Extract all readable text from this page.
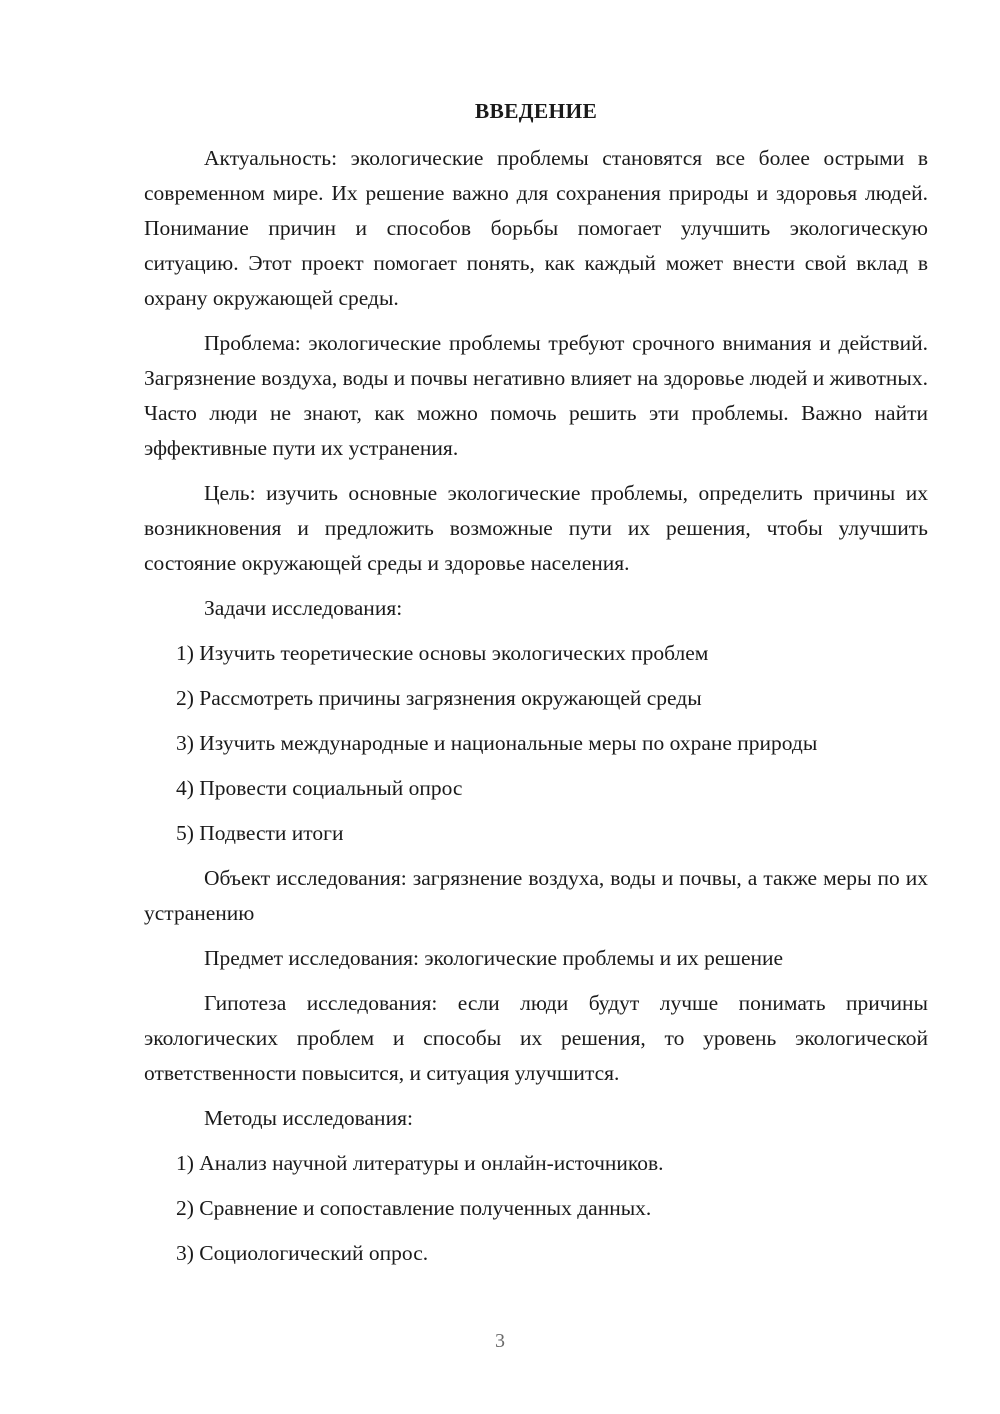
ВВЕДЕНИЕ

Актуальность: экологические проблемы становятся все более острыми в современном мире. Их решение важно для сохранения природы и здоровья людей. Понимание причин и способов борьбы помогает улучшить экологическую ситуацию. Этот проект помогает понять, как каждый может внести свой вклад в охрану окружающей среды.

Проблема: экологические проблемы требуют срочного внимания и действий. Загрязнение воздуха, воды и почвы негативно влияет на здоровье людей и животных. Часто люди не знают, как можно помочь решить эти проблемы. Важно найти эффективные пути их устранения.

Цель: изучить основные экологические проблемы, определить причины их возникновения и предложить возможные пути их решения, чтобы улучшить состояние окружающей среды и здоровье населения.

Задачи исследования:

1) Изучить теоретические основы экологических проблем
2) Рассмотреть причины загрязнения окружающей среды
3) Изучить международные и национальные меры по охране природы
4) Провести социальный опрос
5) Подвести итоги

Объект исследования: загрязнение воздуха, воды и почвы, а также меры по их устранению

Предмет исследования: экологические проблемы и их решение

Гипотеза исследования: если люди будут лучше понимать причины экологических проблем и способы их решения, то уровень экологической ответственности повысится, и ситуация улучшится.

Методы исследования:

1) Анализ научной литературы и онлайн-источников.
2) Сравнение и сопоставление полученных данных.
3) Социологический опрос.
3
